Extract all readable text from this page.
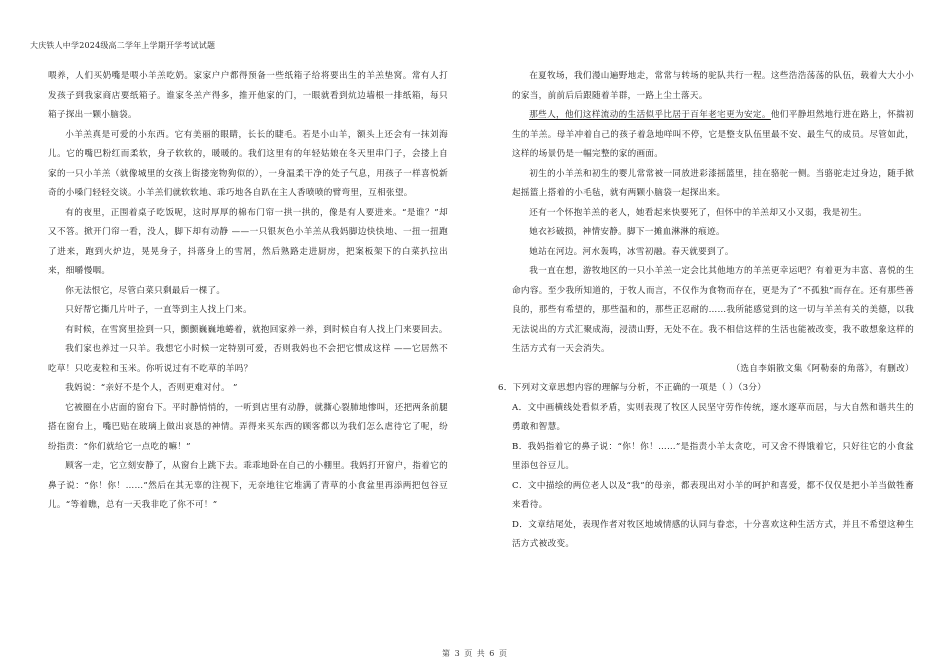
大庆铁人中学2024级高二学年上学期开学考试试题

喂养，人们买奶嘴是喂小羊羔吃奶。家家户户都得预备一些纸箱子给将要出生的羊羔垫窝。常有人打发孩子到我家商店要纸箱子。谁家冬羔产得多，推开他家的门，一眼就看到炕边墙根一排纸箱，每只箱子探出一颗小脑袋。

小羊羔真是可爱的小东西。它有美丽的眼睛，长长的睫毛。若是小山羊，额头上还会有一抹刘海儿。它的嘴巴粉红而柔软，身子软软的，暖暖的。我们这里有的年轻姑娘在冬天里串门子，会搂上自家的一只小羊羔（就像城里的女孩上街搂宠物狗似的），一身温柔干净的处子气息，用孩子一样喜悦新奇的小嗓门轻轻交谈。小羊羔们就软软地、乖巧地各自趴在主人香喷喷的臂弯里，互相张望。

有的夜里，正围着桌子吃饭呢，这时厚厚的棉布门帘一拱一拱的，像是有人要进来。“是谁？”却又不答。掀开门帘一看，没人，脚下却有动静 ——一只银灰色小羊羔从我妈脚边快快地、一扭一扭跑了进来，跑到火炉边，晃晃身子，抖落身上的雪屑，然后熟路走进厨房，把案板架下的白菜扒拉出来，细嚼慢咽。

你无法恨它，尽管白菜只剩最后一棵了。

只好帮它撕几片叶子，一直等到主人找上门来。

有时候，在雪窝里捡到一只，颤颤巍巍地蜷着，就抱回家养一养，到时候自有人找上门来要回去。

我们家也养过一只羊。我想它小时候一定特别可爱，否则我妈也不会把它惯成这样 ——它居然不吃草！只吃麦粒和玉米。你听说过有不吃草的羊吗？

我妈说：“亲好不是个人，否则更难对付。 ”

它被圈在小店面的窗台下。平时静悄悄的，一听到店里有动静，就撕心裂肺地惨叫，还把两条前腿搭在窗台上，嘴巴贴在玻璃上做出哀恳的神情。弄得来买东西的顾客都以为我们怎么虐待它了呢，纷纷指责：“你们就给它一点吃的嘛！”

顾客一走，它立刻安静了，从窗台上跳下去。乖乖地卧在自己的小棚里。我妈打开窗户，指着它的鼻子说：“你！你！……”然后在其无辜的注视下，无奈地往它堆满了青草的小食盆里再添两把包谷豆儿。“等着瞧，总有一天我非吃了你不可！”

在夏牧场，我们漫山遍野地走，常常与转场的驼队共行一程。这些浩浩荡荡的队伍，载着大大小小的家当，前前后后跟随着羊群，一路上尘土落天。

那些人，他们这样流动的生活似乎比居于百年老宅更为安定。他们平静坦然地行进在路上，怀揣初生的羊羔。母羊冲着自己的孩子着急地咩叫不停，它是整支队伍里最不安、最生气的成员。尽管如此，这样的场景仍是一幅完整的家的画面。

初生的小羊羔和初生的婴儿常常被一同放进彩漆摇篮里，挂在骆驼一侧。当骆驼走过身边，随手掀起摇篮上搭着的小毛毡，就有两颗小脑袋一起探出来。

还有一个怀抱羊羔的老人，她看起来快要死了，但怀中的羊羔却又小又弱，我是初生。

她衣衫破损，神情安静。脚下一摊血淋淋的痕迹。

她站在河边。河水轰鸣，冰雪初融。春天就要到了。

我一直在想，游牧地区的一只小羊羔一定会比其他地方的羊羔更幸运吧？有着更为丰富、喜悦的生命内容。至少我所知道的，于牧人而言，不仅作为食物而存在，更是为了“不孤独”而存在。还有那些善良的，那些有希望的，那些温和的，那些正忍耐的……我所能感觉到的这一切与羊羔有关的美德，以我无法说出的方式汇聚成海，浸渍山野，无处不在。我不相信这样的生活也能被改变，我不敢想象这样的生活方式有一天会消失。

（选自李娟散文集《阿勒泰的角落》，有删改）

6．下列对文章思想内容的理解与分析，不正确的一项是（ ）（3分）

A．文中画横线处看似矛盾，实则表现了牧区人民坚守劳作传统，逐水逐草而居，与大自然和谐共生的勇敢和智慧。

B．我妈指着它的鼻子说：“你！你！……”是指责小羊太贪吃，可又舍不得饿着它，只好往它的小食盆里添包谷豆儿。

C．文中描绘的两位老人以及“我”的母亲，都表现出对小羊的呵护和喜爱，都不仅仅是把小羊当做牲畜来看待。

D．文章结尾处，表现作者对牧区地域情感的认同与眷恋，十分喜欢这种生活方式，并且不希望这种生活方式被改变。

第 3 页 共 6 页
